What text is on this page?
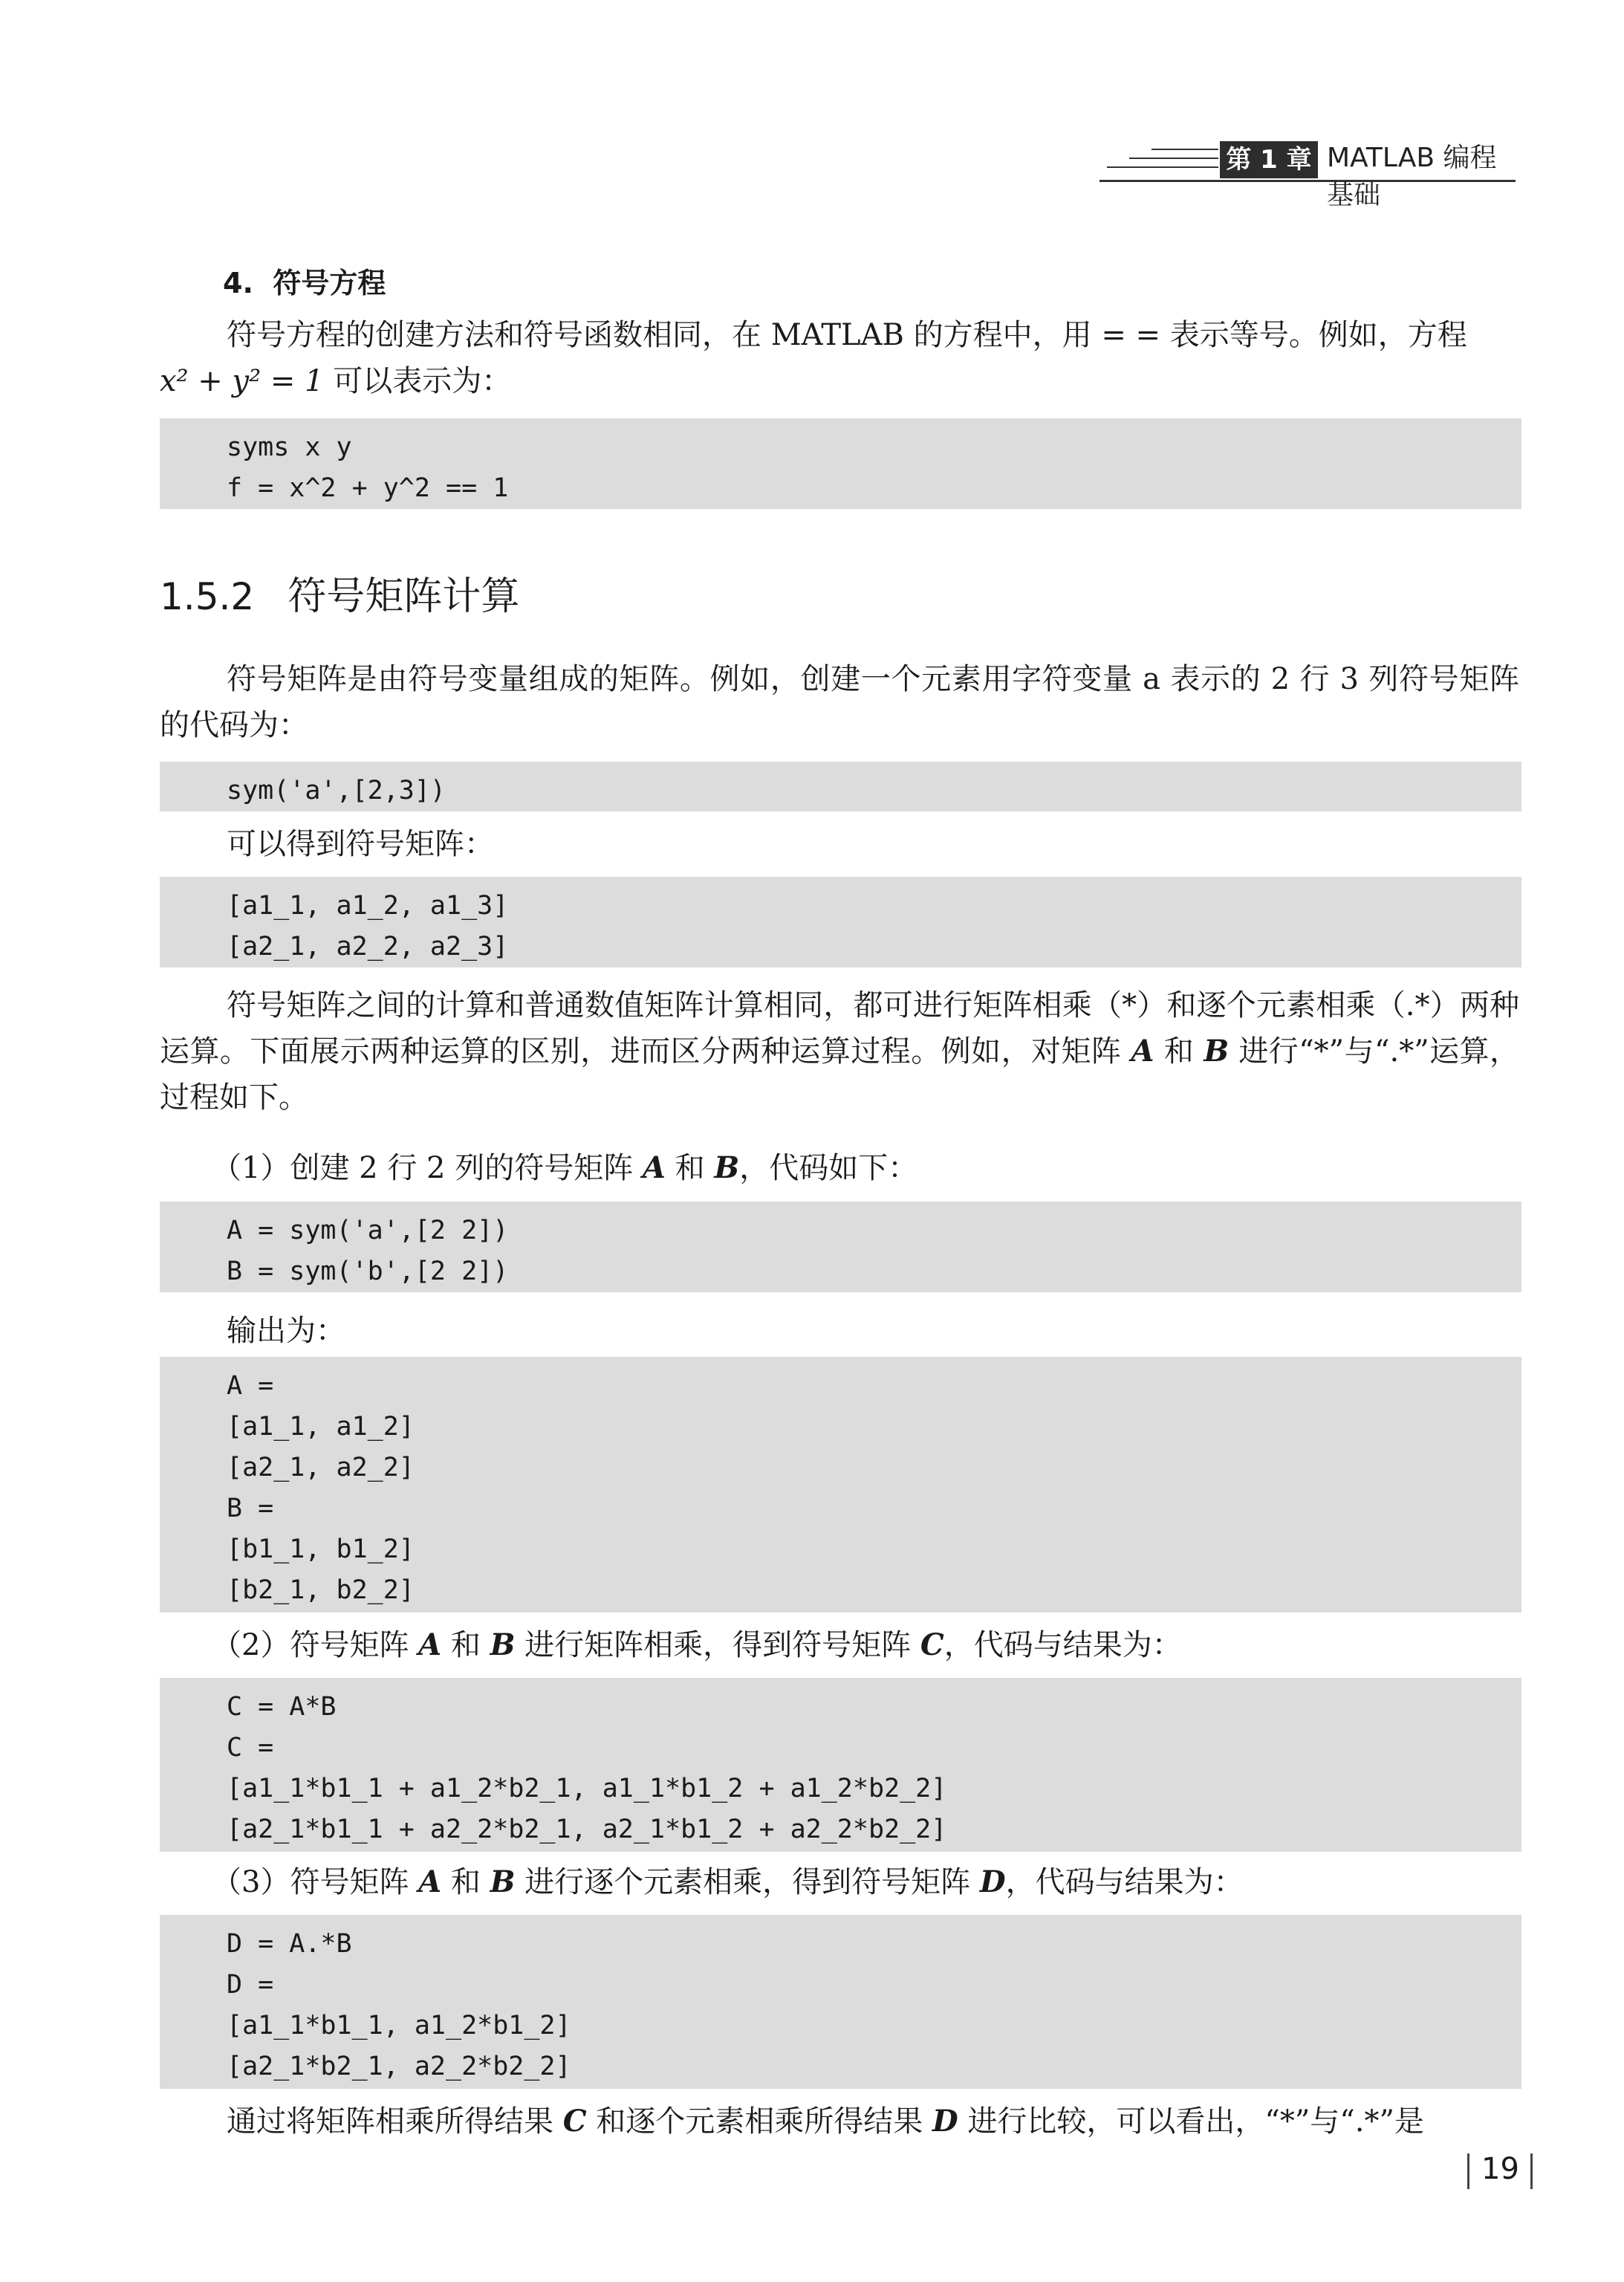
第 1 章 MATLAB 编程基础
4. 符号方程
符号方程的创建方法和符号函数相同，在 MATLAB 的方程中，用 = = 表示等号。例如，方程
x² + y² = 1 可以表示为：
syms x y
f = x^2 + y^2 == 1
1.5.2 符号矩阵计算
符号矩阵是由符号变量组成的矩阵。例如，创建一个元素用字符变量 a 表示的 2 行 3 列符号矩阵的代码为：
sym('a',[2,3])
可以得到符号矩阵：
[a1_1, a1_2, a1_3]
[a2_1, a2_2, a2_3]
符号矩阵之间的计算和普通数值矩阵计算相同，都可进行矩阵相乘（*）和逐个元素相乘（.*）两种运算。下面展示两种运算的区别，进而区分两种运算过程。例如，对矩阵 A 和 B 进行“*”与“.*”运算，过程如下。
（1）创建 2 行 2 列的符号矩阵 A 和 B，代码如下：
A = sym('a',[2 2])
B = sym('b',[2 2])
输出为：
A =
[a1_1, a1_2]
[a2_1, a2_2]
B =
[b1_1, b1_2]
[b2_1, b2_2]
（2）符号矩阵 A 和 B 进行矩阵相乘，得到符号矩阵 C，代码与结果为：
C = A*B
C =
[a1_1*b1_1 + a1_2*b2_1, a1_1*b1_2 + a1_2*b2_2]
[a2_1*b1_1 + a2_2*b2_1, a2_1*b1_2 + a2_2*b2_2]
（3）符号矩阵 A 和 B 进行逐个元素相乘，得到符号矩阵 D，代码与结果为：
D = A.*B
D =
[a1_1*b1_1, a1_2*b1_2]
[a2_1*b2_1, a2_2*b2_2]
通过将矩阵相乘所得结果 C 和逐个元素相乘所得结果 D 进行比较，可以看出，“*”与“.*”是
19
